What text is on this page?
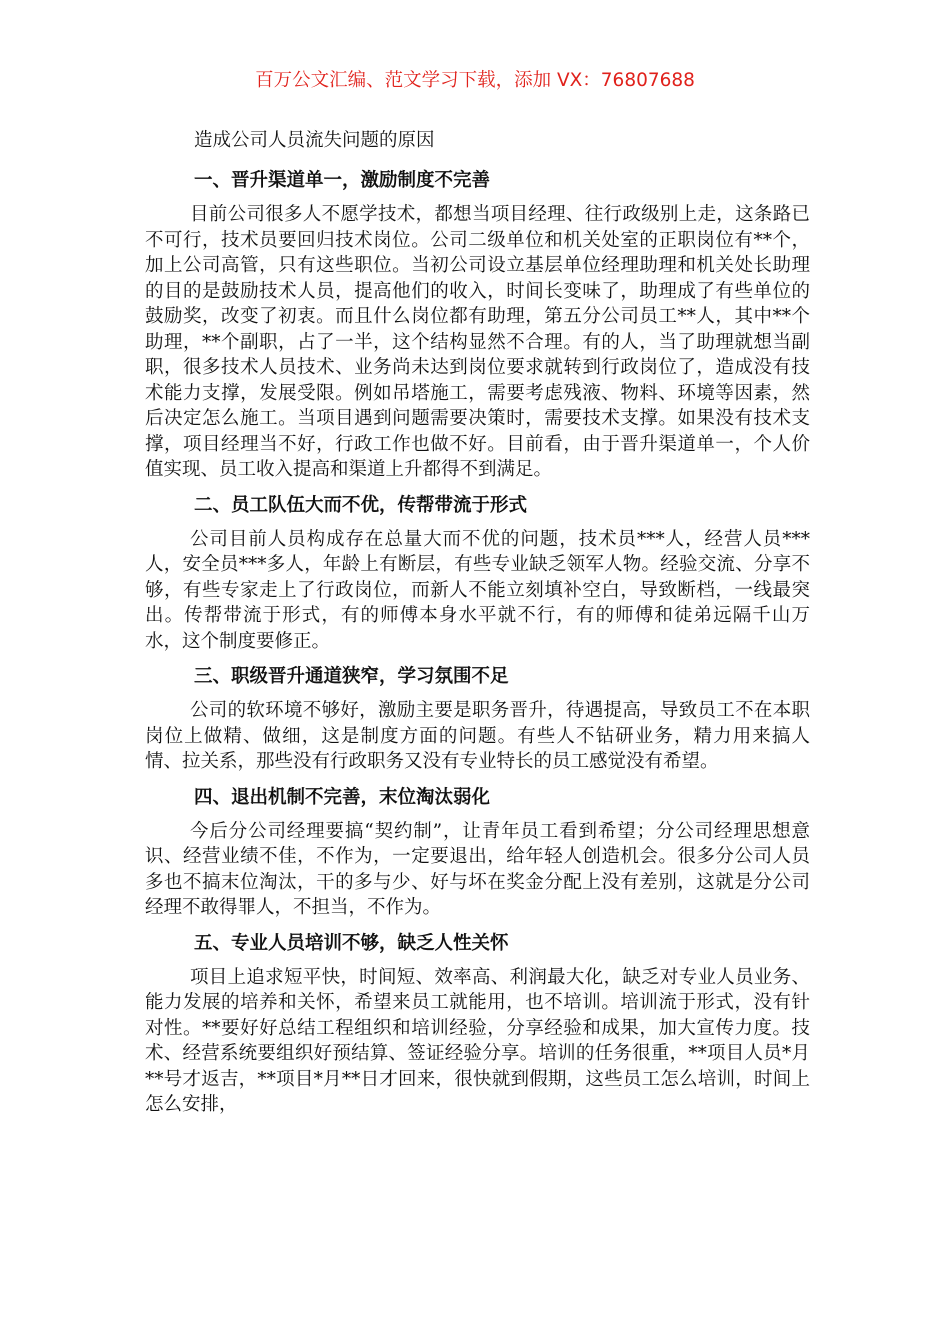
百万公文汇编、范文学习下载，添加 VX：76807688

造成公司人员流失问题的原因

一、晋升渠道单一，激励制度不完善

目前公司很多人不愿学技术，都想当项目经理、往行政级别上走，这条路已不可行，技术员要回归技术岗位。公司二级单位和机关处室的正职岗位有**个，加上公司高管，只有这些职位。当初公司设立基层单位经理助理和机关处长助理的目的是鼓励技术人员，提高他们的收入，时间长变味了，助理成了有些单位的鼓励奖，改变了初衷。而且什么岗位都有助理，第五分公司员工**人，其中**个助理，**个副职，占了一半，这个结构显然不合理。有的人，当了助理就想当副职，很多技术人员技术、业务尚未达到岗位要求就转到行政岗位了，造成没有技术能力支撑，发展受限。例如吊塔施工，需要考虑残液、物料、环境等因素，然后决定怎么施工。当项目遇到问题需要决策时，需要技术支撑。如果没有技术支撑，项目经理当不好，行政工作也做不好。目前看，由于晋升渠道单一，个人价值实现、员工收入提高和渠道上升都得不到满足。

二、员工队伍大而不优，传帮带流于形式

公司目前人员构成存在总量大而不优的问题，技术员***人，经营人员***人，安全员***多人，年龄上有断层，有些专业缺乏领军人物。经验交流、分享不够，有些专家走上了行政岗位，而新人不能立刻填补空白，导致断档，一线最突出。传帮带流于形式，有的师傅本身水平就不行，有的师傅和徒弟远隔千山万水，这个制度要修正。

三、职级晋升通道狭窄，学习氛围不足

公司的软环境不够好，激励主要是职务晋升，待遇提高，导致员工不在本职岗位上做精、做细，这是制度方面的问题。有些人不钻研业务，精力用来搞人情、拉关系，那些没有行政职务又没有专业特长的员工感觉没有希望。

四、退出机制不完善，末位淘汰弱化

今后分公司经理要搞“契约制”，让青年员工看到希望；分公司经理思想意识、经营业绩不佳，不作为，一定要退出，给年轻人创造机会。很多分公司人员多也不搞末位淘汰，干的多与少、好与坏在奖金分配上没有差别，这就是分公司经理不敢得罪人，不担当，不作为。

五、专业人员培训不够，缺乏人性关怀

项目上追求短平快，时间短、效率高、利润最大化，缺乏对专业人员业务、能力发展的培养和关怀，希望来员工就能用，也不培训。培训流于形式，没有针对性。**要好好总结工程组织和培训经验，分享经验和成果，加大宣传力度。技术、经营系统要组织好预结算、签证经验分享。培训的任务很重，**项目人员*月**号才返吉，**项目*月**日才回来，很快就到假期，这些员工怎么培训，时间上怎么安排，
